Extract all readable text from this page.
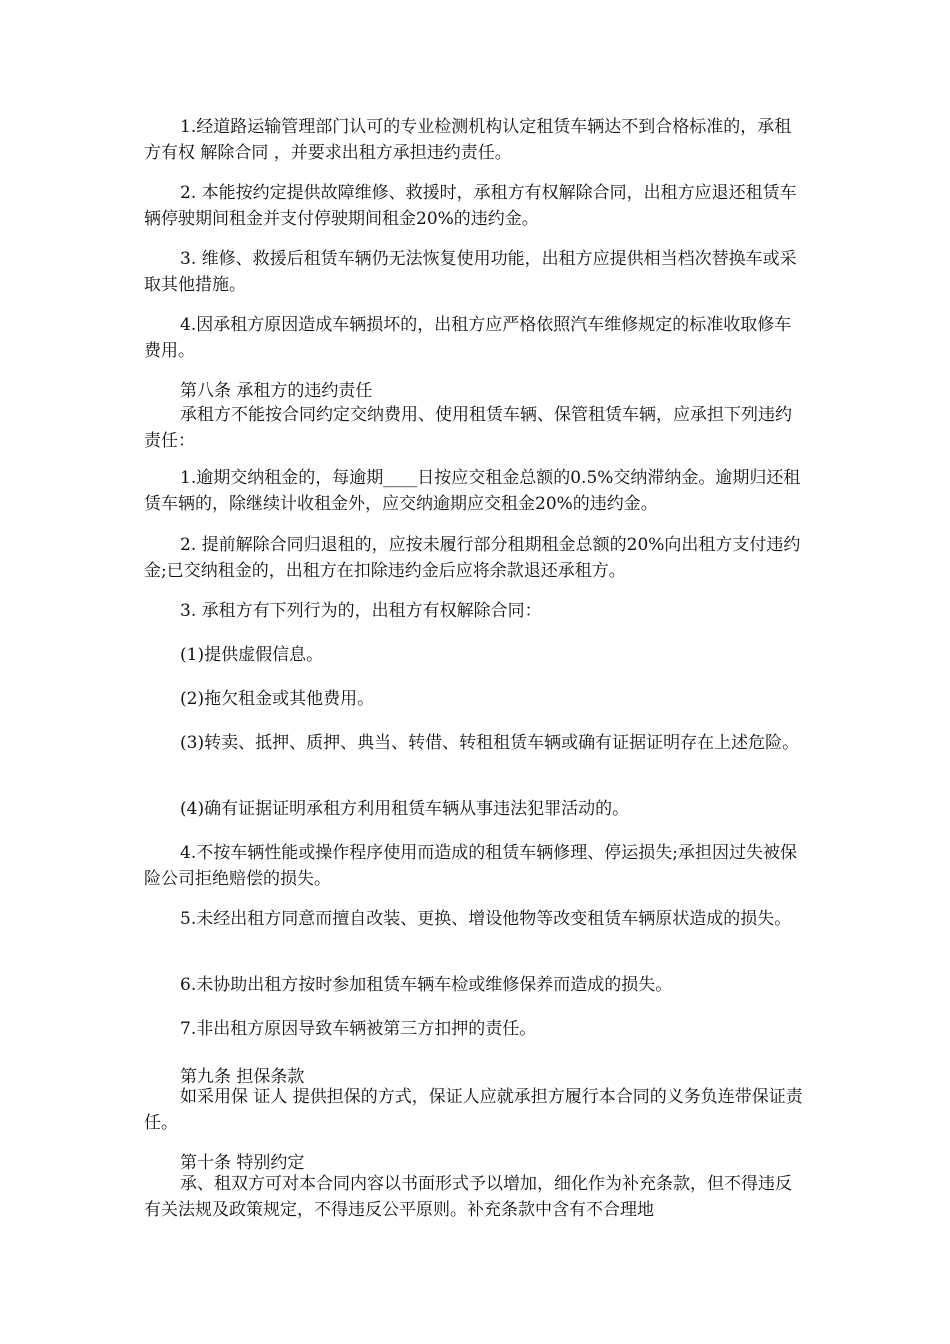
1.经道路运输管理部门认可的专业检测机构认定租赁车辆达不到合格标准的，承租方有权 解除合同 ，并要求出租方承担违约责任。

2. 本能按约定提供故障维修、救援时，承租方有权解除合同，出租方应退还租赁车辆停驶期间租金并支付停驶期间租金20%的违约金。

3. 维修、救援后租赁车辆仍无法恢复使用功能，出租方应提供相当档次替换车或采取其他措施。

4.因承租方原因造成车辆损坏的，出租方应严格依照汽车维修规定的标准收取修车费用。

第八条 承租方的违约责任

承租方不能按合同约定交纳费用、使用租赁车辆、保管租赁车辆，应承担下列违约责任：

1.逾期交纳租金的，每逾期____日按应交租金总额的0.5%交纳滞纳金。逾期归还租赁车辆的，除继续计收租金外，应交纳逾期应交租金20%的违约金。

2. 提前解除合同归退租的，应按未履行部分租期租金总额的20%向出租方支付违约金;已交纳租金的，出租方在扣除违约金后应将余款退还承租方。

3. 承租方有下列行为的，出租方有权解除合同：

(1)提供虚假信息。

(2)拖欠租金或其他费用。

(3)转卖、抵押、质押、典当、转借、转租租赁车辆或确有证据证明存在上述危险。

(4)确有证据证明承租方利用租赁车辆从事违法犯罪活动的。

4.不按车辆性能或操作程序使用而造成的租赁车辆修理、停运损失;承担因过失被保险公司拒绝赔偿的损失。

5.未经出租方同意而擅自改装、更换、增设他物等改变租赁车辆原状造成的损失。

6.未协助出租方按时参加租赁车辆车检或维修保养而造成的损失。

7.非出租方原因导致车辆被第三方扣押的责任。

第九条 担保条款

如采用保 证人 提供担保的方式，保证人应就承担方履行本合同的义务负连带保证责任。

第十条 特别约定

承、租双方可对本合同内容以书面形式予以增加，细化作为补充条款，但不得违反有关法规及政策规定，不得违反公平原则。补充条款中含有不合理地
